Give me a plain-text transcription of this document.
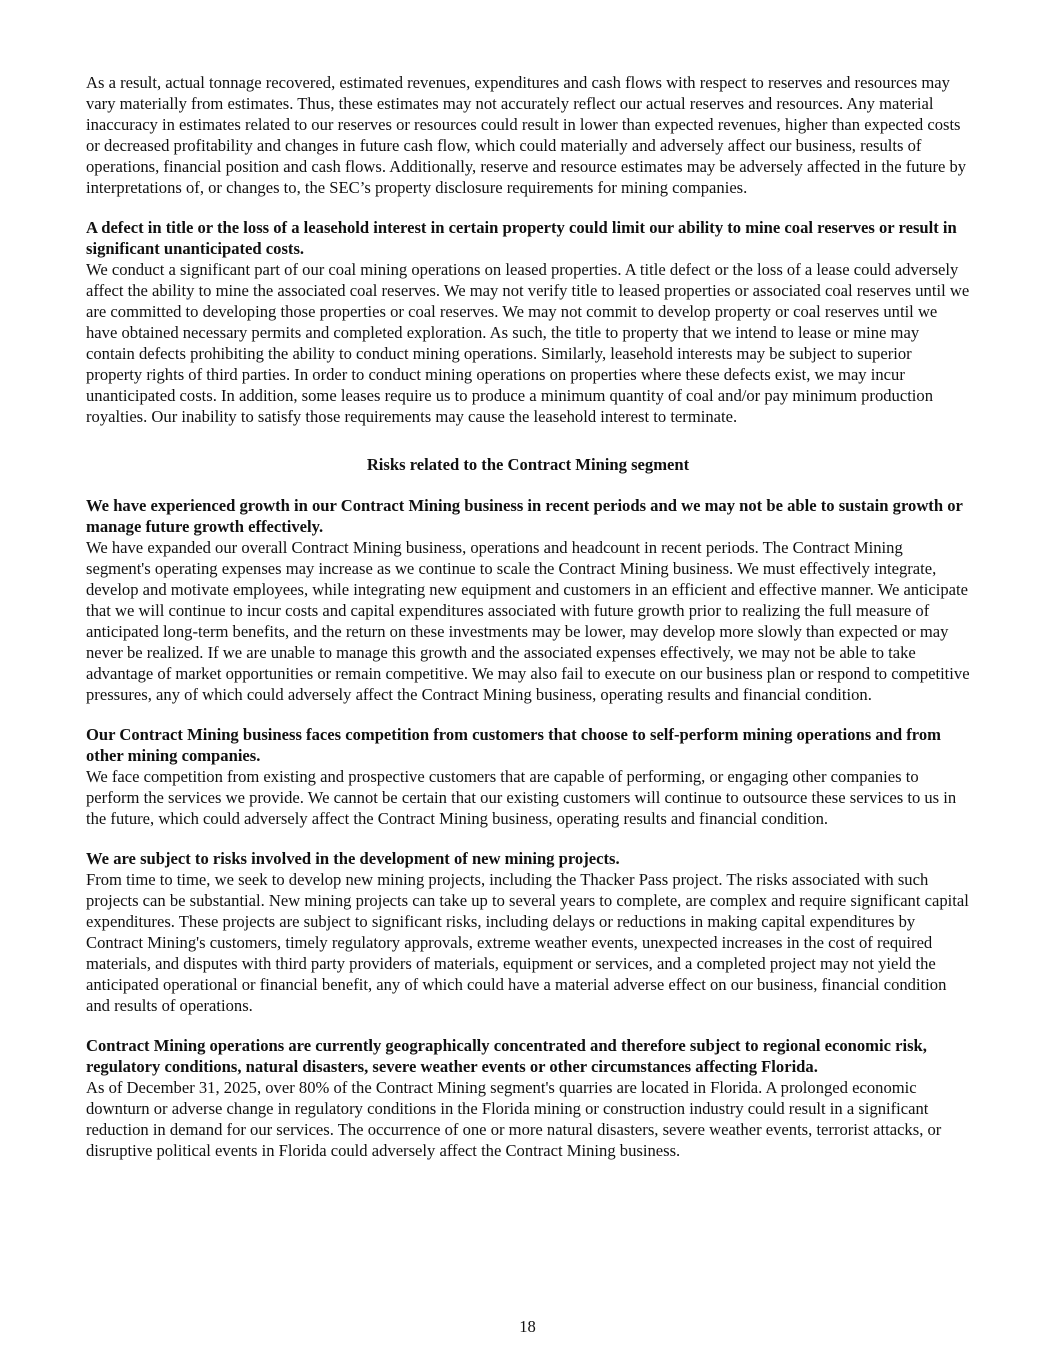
As a result, actual tonnage recovered, estimated revenues, expenditures and cash flows with respect to reserves and resources may vary materially from estimates. Thus, these estimates may not accurately reflect our actual reserves and resources. Any material inaccuracy in estimates related to our reserves or resources could result in lower than expected revenues, higher than expected costs or decreased profitability and changes in future cash flow, which could materially and adversely affect our business, results of operations, financial position and cash flows. Additionally, reserve and resource estimates may be adversely affected in the future by interpretations of, or changes to, the SEC’s property disclosure requirements for mining companies.

A defect in title or the loss of a leasehold interest in certain property could limit our ability to mine coal reserves or result in significant unanticipated costs.

We conduct a significant part of our coal mining operations on leased properties. A title defect or the loss of a lease could adversely affect the ability to mine the associated coal reserves. We may not verify title to leased properties or associated coal reserves until we are committed to developing those properties or coal reserves. We may not commit to develop property or coal reserves until we have obtained necessary permits and completed exploration. As such, the title to property that we intend to lease or mine may contain defects prohibiting the ability to conduct mining operations. Similarly, leasehold interests may be subject to superior property rights of third parties. In order to conduct mining operations on properties where these defects exist, we may incur unanticipated costs. In addition, some leases require us to produce a minimum quantity of coal and/or pay minimum production royalties. Our inability to satisfy those requirements may cause the leasehold interest to terminate.

Risks related to the Contract Mining segment

We have experienced growth in our Contract Mining business in recent periods and we may not be able to sustain growth or manage future growth effectively.

We have expanded our overall Contract Mining business, operations and headcount in recent periods. The Contract Mining segment's operating expenses may increase as we continue to scale the Contract Mining business. We must effectively integrate, develop and motivate employees, while integrating new equipment and customers in an efficient and effective manner. We anticipate that we will continue to incur costs and capital expenditures associated with future growth prior to realizing the full measure of anticipated long-term benefits, and the return on these investments may be lower, may develop more slowly than expected or may never be realized. If we are unable to manage this growth and the associated expenses effectively, we may not be able to take advantage of market opportunities or remain competitive. We may also fail to execute on our business plan or respond to competitive pressures, any of which could adversely affect the Contract Mining business, operating results and financial condition.

Our Contract Mining business faces competition from customers that choose to self-perform mining operations and from other mining companies.

We face competition from existing and prospective customers that are capable of performing, or engaging other companies to perform the services we provide. We cannot be certain that our existing customers will continue to outsource these services to us in the future, which could adversely affect the Contract Mining business, operating results and financial condition.

We are subject to risks involved in the development of new mining projects.

From time to time, we seek to develop new mining projects, including the Thacker Pass project. The risks associated with such projects can be substantial. New mining projects can take up to several years to complete, are complex and require significant capital expenditures. These projects are subject to significant risks, including delays or reductions in making capital expenditures by Contract Mining's customers, timely regulatory approvals, extreme weather events, unexpected increases in the cost of required materials, and disputes with third party providers of materials, equipment or services, and a completed project may not yield the anticipated operational or financial benefit, any of which could have a material adverse effect on our business, financial condition and results of operations.

Contract Mining operations are currently geographically concentrated and therefore subject to regional economic risk, regulatory conditions, natural disasters, severe weather events or other circumstances affecting Florida.

As of December 31, 2025, over 80% of the Contract Mining segment's quarries are located in Florida. A prolonged economic downturn or adverse change in regulatory conditions in the Florida mining or construction industry could result in a significant reduction in demand for our services. The occurrence of one or more natural disasters, severe weather events, terrorist attacks, or disruptive political events in Florida could adversely affect the Contract Mining business.

18
